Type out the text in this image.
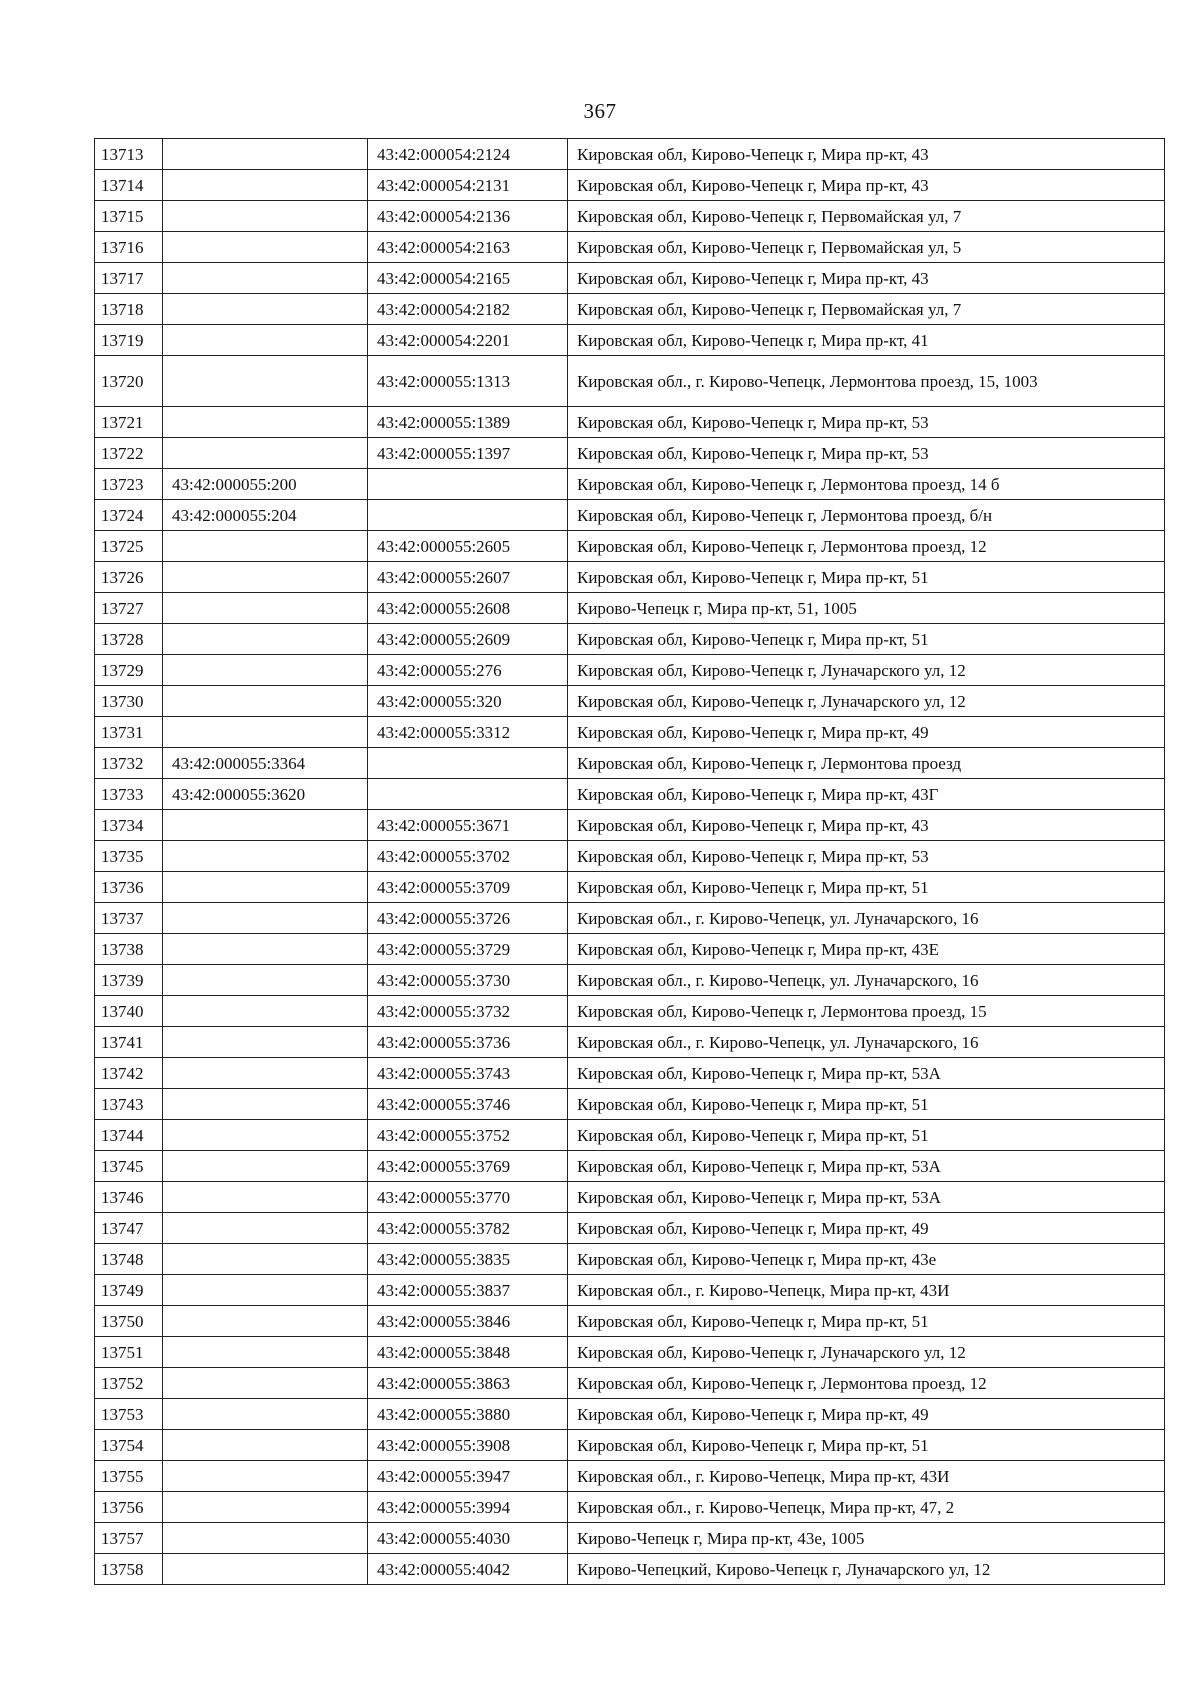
367
13713		43:42:000054:2124	Кировская обл, Кирово-Чепецк г, Мира пр-кт, 43
13714		43:42:000054:2131	Кировская обл, Кирово-Чепецк г, Мира пр-кт, 43
13715		43:42:000054:2136	Кировская обл, Кирово-Чепецк г, Первомайская ул, 7
13716		43:42:000054:2163	Кировская обл, Кирово-Чепецк г, Первомайская ул, 5
13717		43:42:000054:2165	Кировская обл, Кирово-Чепецк г, Мира пр-кт, 43
13718		43:42:000054:2182	Кировская обл, Кирово-Чепецк г, Первомайская ул, 7
13719		43:42:000054:2201	Кировская обл, Кирово-Чепецк г, Мира пр-кт, 41
13720		43:42:000055:1313	Кировская обл., г. Кирово-Чепецк, Лермонтова проезд, 15, 1003
13721		43:42:000055:1389	Кировская обл, Кирово-Чепецк г, Мира пр-кт, 53
13722		43:42:000055:1397	Кировская обл, Кирово-Чепецк г, Мира пр-кт, 53
13723	43:42:000055:200		Кировская обл, Кирово-Чепецк г, Лермонтова проезд, 14 б
13724	43:42:000055:204		Кировская обл, Кирово-Чепецк г, Лермонтова проезд, б/н
13725		43:42:000055:2605	Кировская обл, Кирово-Чепецк г, Лермонтова проезд, 12
13726		43:42:000055:2607	Кировская обл, Кирово-Чепецк г, Мира пр-кт, 51
13727		43:42:000055:2608	Кирово-Чепецк г, Мира пр-кт, 51, 1005
13728		43:42:000055:2609	Кировская обл, Кирово-Чепецк г, Мира пр-кт, 51
13729		43:42:000055:276	Кировская обл, Кирово-Чепецк г, Луначарского ул, 12
13730		43:42:000055:320	Кировская обл, Кирово-Чепецк г, Луначарского ул, 12
13731		43:42:000055:3312	Кировская обл, Кирово-Чепецк г, Мира пр-кт, 49
13732	43:42:000055:3364		Кировская обл, Кирово-Чепецк г, Лермонтова проезд
13733	43:42:000055:3620		Кировская обл, Кирово-Чепецк г, Мира пр-кт, 43Г
13734		43:42:000055:3671	Кировская обл, Кирово-Чепецк г, Мира пр-кт, 43
13735		43:42:000055:3702	Кировская обл, Кирово-Чепецк г, Мира пр-кт, 53
13736		43:42:000055:3709	Кировская обл, Кирово-Чепецк г, Мира пр-кт, 51
13737		43:42:000055:3726	Кировская обл., г. Кирово-Чепецк, ул. Луначарского, 16
13738		43:42:000055:3729	Кировская обл, Кирово-Чепецк г, Мира пр-кт, 43Е
13739		43:42:000055:3730	Кировская обл., г. Кирово-Чепецк, ул. Луначарского, 16
13740		43:42:000055:3732	Кировская обл, Кирово-Чепецк г, Лермонтова проезд, 15
13741		43:42:000055:3736	Кировская обл., г. Кирово-Чепецк, ул. Луначарского, 16
13742		43:42:000055:3743	Кировская обл, Кирово-Чепецк г, Мира пр-кт, 53А
13743		43:42:000055:3746	Кировская обл, Кирово-Чепецк г, Мира пр-кт, 51
13744		43:42:000055:3752	Кировская обл, Кирово-Чепецк г, Мира пр-кт, 51
13745		43:42:000055:3769	Кировская обл, Кирово-Чепецк г, Мира пр-кт, 53А
13746		43:42:000055:3770	Кировская обл, Кирово-Чепецк г, Мира пр-кт, 53А
13747		43:42:000055:3782	Кировская обл, Кирово-Чепецк г, Мира пр-кт, 49
13748		43:42:000055:3835	Кировская обл, Кирово-Чепецк г, Мира пр-кт, 43е
13749		43:42:000055:3837	Кировская обл., г. Кирово-Чепецк, Мира пр-кт, 43И
13750		43:42:000055:3846	Кировская обл, Кирово-Чепецк г, Мира пр-кт, 51
13751		43:42:000055:3848	Кировская обл, Кирово-Чепецк г, Луначарского ул, 12
13752		43:42:000055:3863	Кировская обл, Кирово-Чепецк г, Лермонтова проезд, 12
13753		43:42:000055:3880	Кировская обл, Кирово-Чепецк г, Мира пр-кт, 49
13754		43:42:000055:3908	Кировская обл, Кирово-Чепецк г, Мира пр-кт, 51
13755		43:42:000055:3947	Кировская обл., г. Кирово-Чепецк, Мира пр-кт, 43И
13756		43:42:000055:3994	Кировская обл., г. Кирово-Чепецк, Мира пр-кт, 47, 2
13757		43:42:000055:4030	Кирово-Чепецк г, Мира пр-кт, 43е, 1005
13758		43:42:000055:4042	Кирово-Чепецкий, Кирово-Чепецк г, Луначарского ул, 12
